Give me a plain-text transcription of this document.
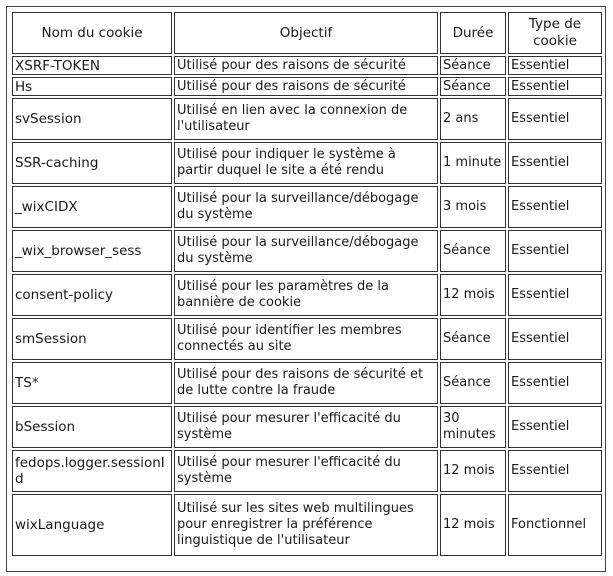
Nom du cookie	Objectif	Durée	Type de cookie
XSRF-TOKEN	Utilisé pour des raisons de sécurité	Séance	Essentiel
Hs	Utilisé pour des raisons de sécurité	Séance	Essentiel
svSession	Utilisé en lien avec la connexion de l'utilisateur	2 ans	Essentiel
SSR-caching	Utilisé pour indiquer le système à partir duquel le site a été rendu	1 minute	Essentiel
_wixCIDX	Utilisé pour la surveillance/débogage du système	3 mois	Essentiel
_wix_browser_sess	Utilisé pour la surveillance/débogage du système	Séance	Essentiel
consent-policy	Utilisé pour les paramètres de la bannière de cookie	12 mois	Essentiel
smSession	Utilisé pour identifier les membres connectés au site	Séance	Essentiel
TS*	Utilisé pour des raisons de sécurité et de lutte contre la fraude	Séance	Essentiel
bSession	Utilisé pour mesurer l'efficacité du système	30 minutes	Essentiel
fedops.logger.sessionId	Utilisé pour mesurer l'efficacité du système	12 mois	Essentiel
wixLanguage	Utilisé sur les sites web multilingues pour enregistrer la préférence linguistique de l'utilisateur	12 mois	Fonctionnel
